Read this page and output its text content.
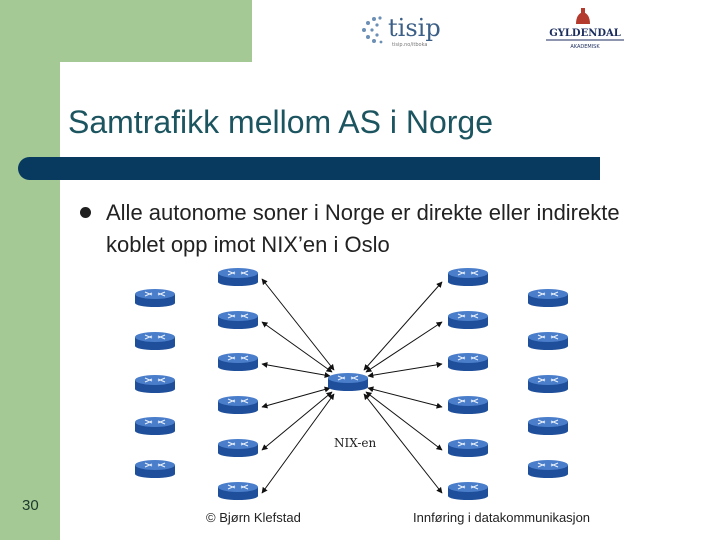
tisip
tisip.no/itboka
GYLDENDAL
AKADEMISK
Samtrafikk mellom AS i Norge
Alle autonome soner i Norge er direkte eller indirekte koblet opp imot NIX’en i Oslo
NIX-en
30
© Bjørn Klefstad	Innføring i datakommunikasjon
